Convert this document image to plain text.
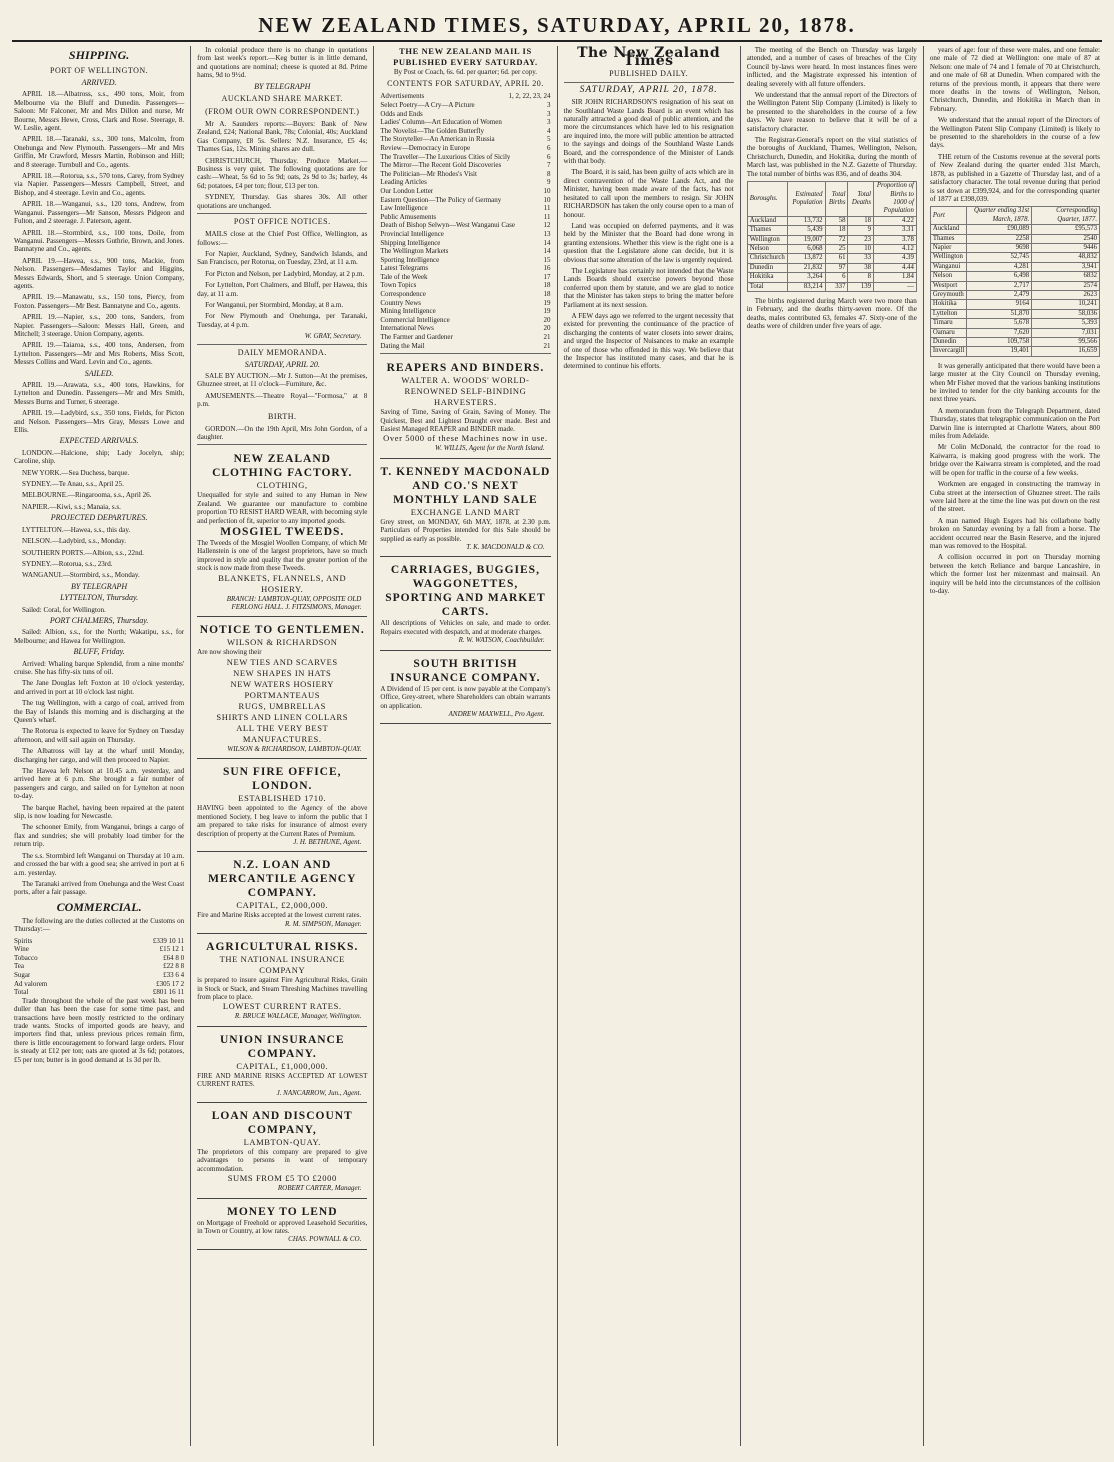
NEW ZEALAND TIMES, SATURDAY, APRIL 20, 1878.
SHIPPING.
PORT OF WELLINGTON.
ARRIVED.
APRIL 18.—Albatross, s.s., 490 tons, Moir, from Melbourne via the Bluff and Dunedin. Passengers—Saloon: Mr Falconer, Mr and Mrs Dillon and nurse, Mr Bourne, Messrs Hewe, Cross, Clark and Rose. Steerage, 8. W. Leslie, agent.
APRIL 18.—Taranaki, s.s., 300 tons, Malcolm, from Onehunga and New Plymouth. Passengers—Mr and Mrs Griffin, Mr Crawford, Messrs Martin, Robinson and Hill; and 8 steerage. Turnbull and Co., agents.
APRIL 18.—Rotorua, s.s., 570 tons, Carey, from Sydney via Napier. Passengers—Messrs Campbell, Street, and Bishop, and 4 steerage. Levin and Co., agents.
APRIL 18.—Wanganui, s.s., 120 tons, Andrew, from Wanganui. Passengers—Mr Sanson, Messrs Pidgeon and Fulton, and 2 steerage. J. Paterson, agent.
APRIL 18.—Stormbird, s.s., 100 tons, Doile, from Wanganui. Passengers—Messrs Guthrie, Brown, and Jones. Bannatyne and Co., agents.
APRIL 19.—Hawea, s.s., 900 tons, Mackie, from Nelson. Passengers—Mesdames Taylor and Higgins, Messrs Edwards, Short, and 5 steerage. Union Company, agents.
APRIL 19.—Manawatu, s.s., 150 tons, Piercy, from Foxton. Passengers—Mr Best. Bannatyne and Co., agents.
APRIL 19.—Napier, s.s., 200 tons, Sanders, from Napier. Passengers—Saloon: Messrs Hall, Green, and Mitchell; 3 steerage. Union Company, agents.
APRIL 19.—Taiaroa, s.s., 400 tons, Andersen, from Lyttelton. Passengers—Mr and Mrs Roberts, Miss Scott, Messrs Collins and Ward. Levin and Co., agents.
SAILED.
APRIL 19.—Arawata, s.s., 400 tons, Hawkins, for Lyttelton and Dunedin. Passengers—Mr and Mrs Smith, Messrs Burns and Turner, 6 steerage.
APRIL 19.—Ladybird, s.s., 350 tons, Fields, for Picton and Nelson. Passengers—Mrs Gray, Messrs Lowe and Ellis.
EXPECTED ARRIVALS.
LONDON.—Halcione, ship; Lady Jocelyn, ship; Caroline, ship.
NEW YORK.—Sea Duchess, barque.
SYDNEY.—Te Anau, s.s., April 25.
MELBOURNE.—Ringarooma, s.s., April 26.
NAPIER.—Kiwi, s.s.; Manaia, s.s.
PROJECTED DEPARTURES.
LYTTELTON.—Hawea, s.s., this day.
NELSON.—Ladybird, s.s., Monday.
SOUTHERN PORTS.—Albion, s.s., 22nd.
SYDNEY.—Rotorua, s.s., 23rd.
WANGANUI.—Stormbird, s.s., Monday.
BY TELEGRAPH
LYTTELTON, Thursday.
Sailed: Coral, for Wellington.
PORT CHALMERS, Thursday.
Sailed: Albion, s.s., for the North; Wakatipu, s.s., for Melbourne; and Hawea for Wellington.
BLUFF, Friday.
Arrived: Whaling barque Splendid, from a nine months' cruise. She has fifty-six tuns of oil.
The Jane Douglas left Foxton at 10 o'clock yesterday, and arrived in port at 10 o'clock last night.
The tug Wellington, with a cargo of coal, arrived from the Bay of Islands this morning and is discharging at the Queen's wharf.
The Rotorua is expected to leave for Sydney on Tuesday afternoon, and will sail again on Thursday.
The Albatross will lay at the wharf until Monday, discharging her cargo, and will then proceed to Napier.
The Hawea left Nelson at 10.45 a.m. yesterday, and arrived here at 6 p.m. She brought a fair number of passengers and cargo, and sailed on for Lyttelton at noon to-day.
The barque Rachel, having been repaired at the patent slip, is now loading for Newcastle.
The schooner Emily, from Wanganui, brings a cargo of flax and sundries; she will probably load timber for the return trip.
The s.s. Stormbird left Wanganui on Thursday at 10 a.m. and crossed the bar with a good sea; she arrived in port at 6 a.m. yesterday.
The Taranaki arrived from Onehunga and the West Coast ports, after a fair passage.
COMMERCIAL.
The following are the duties collected at the Customs on Thursday:—
Spirits	£339 10 11
Wine	£15 12 1
Tobacco	£64 8 0
Tea	£22 8 8
Sugar	£33 6 4
Ad valorem	£305 17 2
Total	£801 16 11
Trade throughout the whole of the past week has been duller than has been the case for some time past, and transactions have been mostly restricted to the ordinary trade wants. Stocks of imported goods are heavy, and importers find that, unless previous prices remain firm, there is little encouragement to forward large orders. Flour is steady at £12 per ton; oats are quoted at 3s 6d; potatoes, £5 per ton; butter is in good demand at 1s 3d per lb.
In colonial produce there is no change in quotations from last week's report.—Keg butter is in little demand, and quotations are nominal; cheese is quoted at 8d. Prime hams, 9d to 9½d.
BY TELEGRAPH
AUCKLAND SHARE MARKET.
(FROM OUR OWN CORRESPONDENT.)
Mr A. Saunders reports:—Buyers: Bank of New Zealand, £24; National Bank, 78s; Colonial, 40s; Auckland Gas Company, £8 5s. Sellers: N.Z. Insurance, £5 4s; Thames Gas, 12s. Mining shares are dull.
CHRISTCHURCH, Thursday. Produce Market.—Business is very quiet. The following quotations are for cash:—Wheat, 5s 6d to 5s 9d; oats, 2s 9d to 3s; barley, 4s 6d; potatoes, £4 per ton; flour, £13 per ton.
SYDNEY, Thursday. Gas shares 30s. All other quotations are unchanged.
POST OFFICE NOTICES.
MAILS close at the Chief Post Office, Wellington, as follows:—
For Napier, Auckland, Sydney, Sandwich Islands, and San Francisco, per Rotorua, on Tuesday, 23rd, at 11 a.m.
For Picton and Nelson, per Ladybird, Monday, at 2 p.m.
For Lyttelton, Port Chalmers, and Bluff, per Hawea, this day, at 11 a.m.
For Wanganui, per Stormbird, Monday, at 8 a.m.
For New Plymouth and Onehunga, per Taranaki, Tuesday, at 4 p.m.
W. GRAY, Secretary.
DAILY MEMORANDA.
SATURDAY, APRIL 20.
SALE BY AUCTION.—Mr J. Sutton—At the premises, Ghuznee street, at 11 o'clock—Furniture, &c.
AMUSEMENTS.—Theatre Royal—"Formosa," at 8 p.m.
BIRTH.
GORDON.—On the 19th April, Mrs John Gordon, of a daughter.
NEW ZEALAND CLOTHING FACTORY.
CLOTHING,
Unequalled for style and suited to any Human in New Zealand. We guarantee our manufacture to combine proportion TO RESIST HARD WEAR, with becoming style and perfection of fit, superior to any imported goods.
MOSGIEL TWEEDS.
The Tweeds of the Mosgiel Woollen Company, of which Mr Hallenstein is one of the largest proprietors, have so much improved in style and quality that the greater portion of the stock is now made from these Tweeds.
BLANKETS, FLANNELS, AND HOSIERY.
BRANCH: LAMBTON-QUAY, OPPOSITE OLD FERLONG HALL. J. FITZSIMONS, Manager.
NOTICE TO GENTLEMEN.
WILSON & RICHARDSON
Are now showing their
NEW TIES AND SCARVES
NEW SHAPES IN HATS
NEW WATERS HOSIERY
PORTMANTEAUS
RUGS, UMBRELLAS
SHIRTS AND LINEN COLLARS
ALL THE VERY BEST MANUFACTURES.
WILSON & RICHARDSON, LAMBTON-QUAY.
SUN FIRE OFFICE, LONDON.
ESTABLISHED 1710.
HAVING been appointed to the Agency of the above mentioned Society, I beg leave to inform the public that I am prepared to take risks for insurance of almost every description of property at the Current Rates of Premium.
J. H. BETHUNE, Agent.
N.Z. LOAN AND MERCANTILE AGENCY COMPANY.
CAPITAL, £2,000,000.
Fire and Marine Risks accepted at the lowest current rates.
R. M. SIMPSON, Manager.
AGRICULTURAL RISKS.
THE NATIONAL INSURANCE COMPANY
is prepared to insure against Fire Agricultural Risks, Grain in Stock or Stack, and Steam Threshing Machines travelling from place to place.
LOWEST CURRENT RATES.
R. BRUCE WALLACE, Manager, Wellington.
UNION INSURANCE COMPANY.
CAPITAL, £1,000,000.
FIRE AND MARINE RISKS ACCEPTED AT LOWEST CURRENT RATES.
J. NANCARROW, Jun., Agent.
LOAN AND DISCOUNT COMPANY,
LAMBTON-QUAY.
The proprietors of this company are prepared to give advantages to persons in want of temporary accommodation.
SUMS FROM £5 TO £2000
ROBERT CARTER, Manager.
MONEY TO LEND
on Mortgage of Freehold or approved Leasehold Securities, in Town or Country, at low rates.
CHAS. POWNALL & CO.
THE NEW ZEALAND MAIL IS PUBLISHED EVERY SATURDAY.
By Post or Coach, 6s. 6d. per quarter; 6d. per copy.
CONTENTS FOR SATURDAY, APRIL 20.
Advertisements	1, 2, 22, 23, 24
Select Poetry—A Cry—A Picture	3
Odds and Ends	3
Ladies' Column—Art Education of Women	3
The Novelist—The Golden Butterfly	4
The Storyteller—An American in Russia	5
Review—Democracy in Europe	6
The Traveller—The Luxurious Cities of Sicily	6
The Mirror—The Recent Gold Discoveries	7
The Politician—Mr Rhodes's Visit	8
Leading Articles	9
Our London Letter	10
Eastern Question—The Policy of Germany	10
Law Intelligence	11
Public Amusements	11
Death of Bishop Selwyn—West Wanganui Case	12
Provincial Intelligence	13
Shipping Intelligence	14
The Wellington Markets	14
Sporting Intelligence	15
Latest Telegrams	16
Tale of the Week	17
Town Topics	18
Correspondence	18
Country News	19
Mining Intelligence	19
Commercial Intelligence	20
International News	20
The Farmer and Gardener	21
Dating the Mail	21
REAPERS AND BINDERS.
WALTER A. WOODS' WORLD-RENOWNED SELF-BINDING HARVESTERS.
Saving of Time, Saving of Grain, Saving of Money. The Quickest, Best and Lightest Draught ever made. Best and Easiest Managed REAPER and BINDER made.
Over 5000 of these Machines now in use.
W. WILLIS, Agent for the North Island.
T. KENNEDY MACDONALD AND CO.'S NEXT MONTHLY LAND SALE
EXCHANGE LAND MART
Grey street, on MONDAY, 6th MAY, 1878, at 2.30 p.m. Particulars of Properties intended for this Sale should be supplied as early as possible.
T. K. MACDONALD & CO.
CARRIAGES, BUGGIES, WAGGONETTES, SPORTING AND MARKET CARTS.
All descriptions of Vehicles on sale, and made to order. Repairs executed with despatch, and at moderate charges.
R. W. WATSON, Coachbuilder.
SOUTH BRITISH INSURANCE COMPANY.
A Dividend of 15 per cent. is now payable at the Company's Office, Grey-street, where Shareholders can obtain warrants on application.
ANDREW MAXWELL, Pro Agent.
The New Zealand Times
PUBLISHED DAILY.
SATURDAY, APRIL 20, 1878.
SIR JOHN RICHARDSON'S resignation of his seat on the Southland Waste Lands Board is an event which has naturally attracted a good deal of public attention, and the more the circumstances which have led to his resignation are inquired into, the more will public attention be attracted to the sayings and doings of the Southland Waste Lands Board, and the correspondence of the Minister of Lands with that body.
The Board, it is said, has been guilty of acts which are in direct contravention of the Waste Lands Act, and the Minister, having been made aware of the facts, has not hesitated to call upon the members to resign. Sir JOHN RICHARDSON has taken the only course open to a man of honour.
Land was occupied on deferred payments, and it was held by the Minister that the Board had done wrong in granting extensions. Whether this view is the right one is a question that the Legislature alone can decide, but it is obvious that some alteration of the law is urgently required.
The Legislature has certainly not intended that the Waste Lands Boards should exercise powers beyond those conferred upon them by statute, and we are glad to notice that the Minister has taken steps to bring the matter before Parliament at its next session.
A FEW days ago we referred to the urgent necessity that existed for preventing the continuance of the practice of discharging the contents of water closets into sewer drains, and urged the Inspector of Nuisances to make an example of one of those who offended in this way. We believe that the Inspector has instituted many cases, and that he is determined to continue his efforts.
The meeting of the Bench on Thursday was largely attended, and a number of cases of breaches of the City Council by-laws were heard. In most instances fines were inflicted, and the Magistrate expressed his intention of dealing severely with all future offenders.
We understand that the annual report of the Directors of the Wellington Patent Slip Company (Limited) is likely to be presented to the shareholders in the course of a few days. We have reason to believe that it will be of a satisfactory character.
The Registrar-General's report on the vital statistics of the boroughs of Auckland, Thames, Wellington, Nelson, Christchurch, Dunedin, and Hokitika, during the month of March last, was published in the N.Z. Gazette of Thursday. The total number of births was 836, and of deaths 304.
Boroughs.	Estimated Population	Total Births	Total Deaths	Proportion of Births to 1000 of Population
Auckland	13,732	58	18	4.22
Thames	5,439	18	9	3.31
Wellington	19,007	72	23	3.78
Nelson	6,068	25	10	4.12
Christchurch	13,872	61	33	4.39
Dunedin	21,832	97	38	4.44
Hokitika	3,264	6	8	1.84
Total	83,214	337	139	—
The births registered during March were two more than in February, and the deaths thirty-seven more. Of the deaths, males contributed 63, females 47. Sixty-one of the deaths were of children under five years of age.
years of age: four of these were males, and one female: one male of 72 died at Wellington: one male of 87 at Nelson: one male of 74 and 1 female of 70 at Christchurch, and one male of 68 at Dunedin. When compared with the returns of the previous month, it appears that there were more deaths in the towns of Wellington, Nelson, Christchurch, Dunedin, and Hokitika in March than in February.
We understand that the annual report of the Directors of the Wellington Patent Slip Company (Limited) is likely to be presented to the shareholders in the course of a few days.
THE return of the Customs revenue at the several ports of New Zealand during the quarter ended 31st March, 1878, as published in a Gazette of Thursday last, and of a satisfactory character. The total revenue during that period is set down at £399,924, and for the corresponding quarter of 1877 at £398,039.
Port	Quarter ending 31st March, 1878.	Corresponding Quarter, 1877.
Auckland	£90,089	£95,573
Thames	2258	2540
Napier	9698	9446
Wellington	52,745	48,832
Wanganui	4,281	3,941
Nelson	6,498	6832
Westport	2,717	2574
Greymouth	2,479	2623
Hokitika	9164	10,241
Lyttelton	51,870	58,036
Timaru	5,678	5,393
Oamaru	7,620	7,031
Dunedin	109,758	99,566
Invercargill	19,401	16,659
It was generally anticipated that there would have been a large muster at the City Council on Thursday evening, when Mr Fisher moved that the various banking institutions be invited to tender for the city banking accounts for the next three years.
A memorandum from the Telegraph Department, dated Thursday, states that telegraphic communication on the Port Darwin line is interrupted at Charlotte Waters, about 800 miles from Adelaide.
Mr Colin McDonald, the contractor for the road to Kaiwarra, is making good progress with the work. The bridge over the Kaiwarra stream is completed, and the road will be open for traffic in the course of a few weeks.
Workmen are engaged in constructing the tramway in Cuba street at the intersection of Ghuznee street. The rails were laid here at the time the line was put down on the rest of the street.
A man named Hugh Esgers had his collarbone badly broken on Saturday evening by a fall from a horse. The accident occurred near the Basin Reserve, and the injured man was removed to the Hospital.
A collision occurred in port on Thursday morning between the ketch Reliance and barque Lancashire, in which the former lost her mizenmast and mainsail. An inquiry will be held into the circumstances of the collision to-day.
